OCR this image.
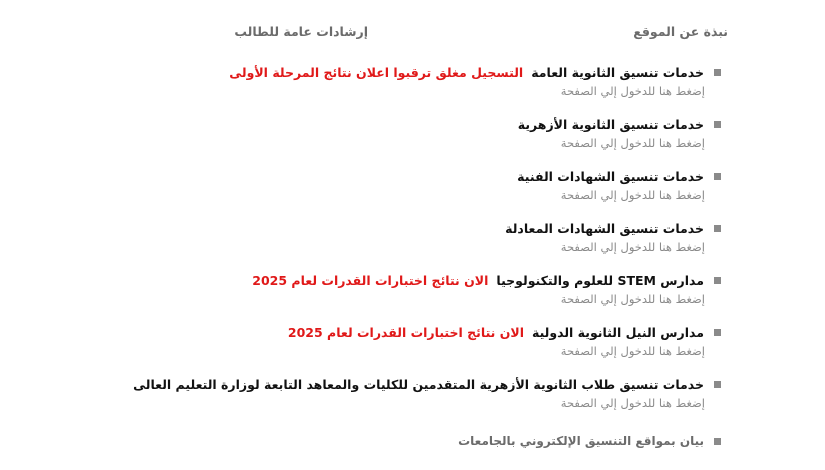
نبذة عن الموقع
إرشادات عامة للطالب
خدمات تنسيق الثانوية العامة
التسجيل مغلق ترقبوا اعلان نتائج المرحلة الأولى
إضغط هنا للدخول إلي الصفحة
خدمات تنسيق الثانوية الأزهرية
إضغط هنا للدخول إلي الصفحة
خدمات تنسيق الشهادات الفنية
إضغط هنا للدخول إلي الصفحة
خدمات تنسيق الشهادات المعادلة
إضغط هنا للدخول إلي الصفحة
مدارس STEM للعلوم والتكنولوجيا
الان نتائج اختبارات القدرات لعام 2025
إضغط هنا للدخول إلي الصفحة
مدارس النيل الثانوية الدولية
الان نتائج اختبارات القدرات لعام 2025
إضغط هنا للدخول إلي الصفحة
خدمات تنسيق طلاب الثانوية الأزهرية المتقدمين للكليات والمعاهد التابعة لوزارة التعليم العالى
إضغط هنا للدخول إلي الصفحة
بيان بمواقع التنسيق الإلكتروني بالجامعات
